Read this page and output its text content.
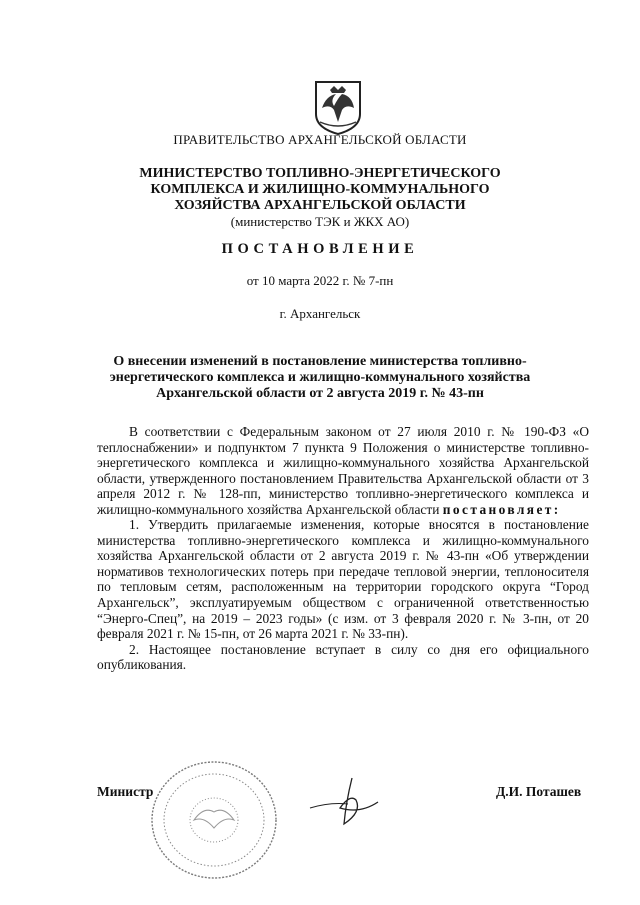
ПРАВИТЕЛЬСТВО АРХАНГЕЛЬСКОЙ ОБЛАСТИ
МИНИСТЕРСТВО ТОПЛИВНО-ЭНЕРГЕТИЧЕСКОГО
КОМПЛЕКСА И ЖИЛИЩНО-КОММУНАЛЬНОГО
ХОЗЯЙСТВА АРХАНГЕЛЬСКОЙ ОБЛАСТИ
(министерство ТЭК и ЖКХ АО)
ПОСТАНОВЛЕНИЕ
от 10 марта 2022 г. № 7-пн
г. Архангельск
О внесении изменений в постановление министерства топливно-
энергетического комплекса и жилищно-коммунального хозяйства
Архангельской области от 2 августа 2019 г. № 43-пн

В соответствии с Федеральным законом от 27 июля 2010 г. № 190-ФЗ «О теплоснабжении» и подпунктом 7 пункта 9 Положения о министерстве топливно-энергетического комплекса и жилищно-коммунального хозяйства Архангельской области, утвержденного постановлением Правительства Архангельской области от 3 апреля 2012 г. № 128-пп, министерство топливно-энергетического комплекса и жилищно-коммунального хозяйства Архангельской области постановляет:

1. Утвердить прилагаемые изменения, которые вносятся в постановление министерства топливно-энергетического комплекса и жилищно-коммунального хозяйства Архангельской области от 2 августа 2019 г. № 43-пн «Об утверждении нормативов технологических потерь при передаче тепловой энергии, теплоносителя по тепловым сетям, расположенным на территории городского округа “Город Архангельск”, эксплуатируемым обществом с ограниченной ответственностью “Энерго-Спец”, на 2019 – 2023 годы» (с изм. от 3 февраля 2020 г. № 3-пн, от 20 февраля 2021 г. № 15-пн, от 26 марта 2021 г. № 33-пн).

2. Настоящее постановление вступает в силу со дня его официального опубликования.

Министр	Д.И. Поташев
